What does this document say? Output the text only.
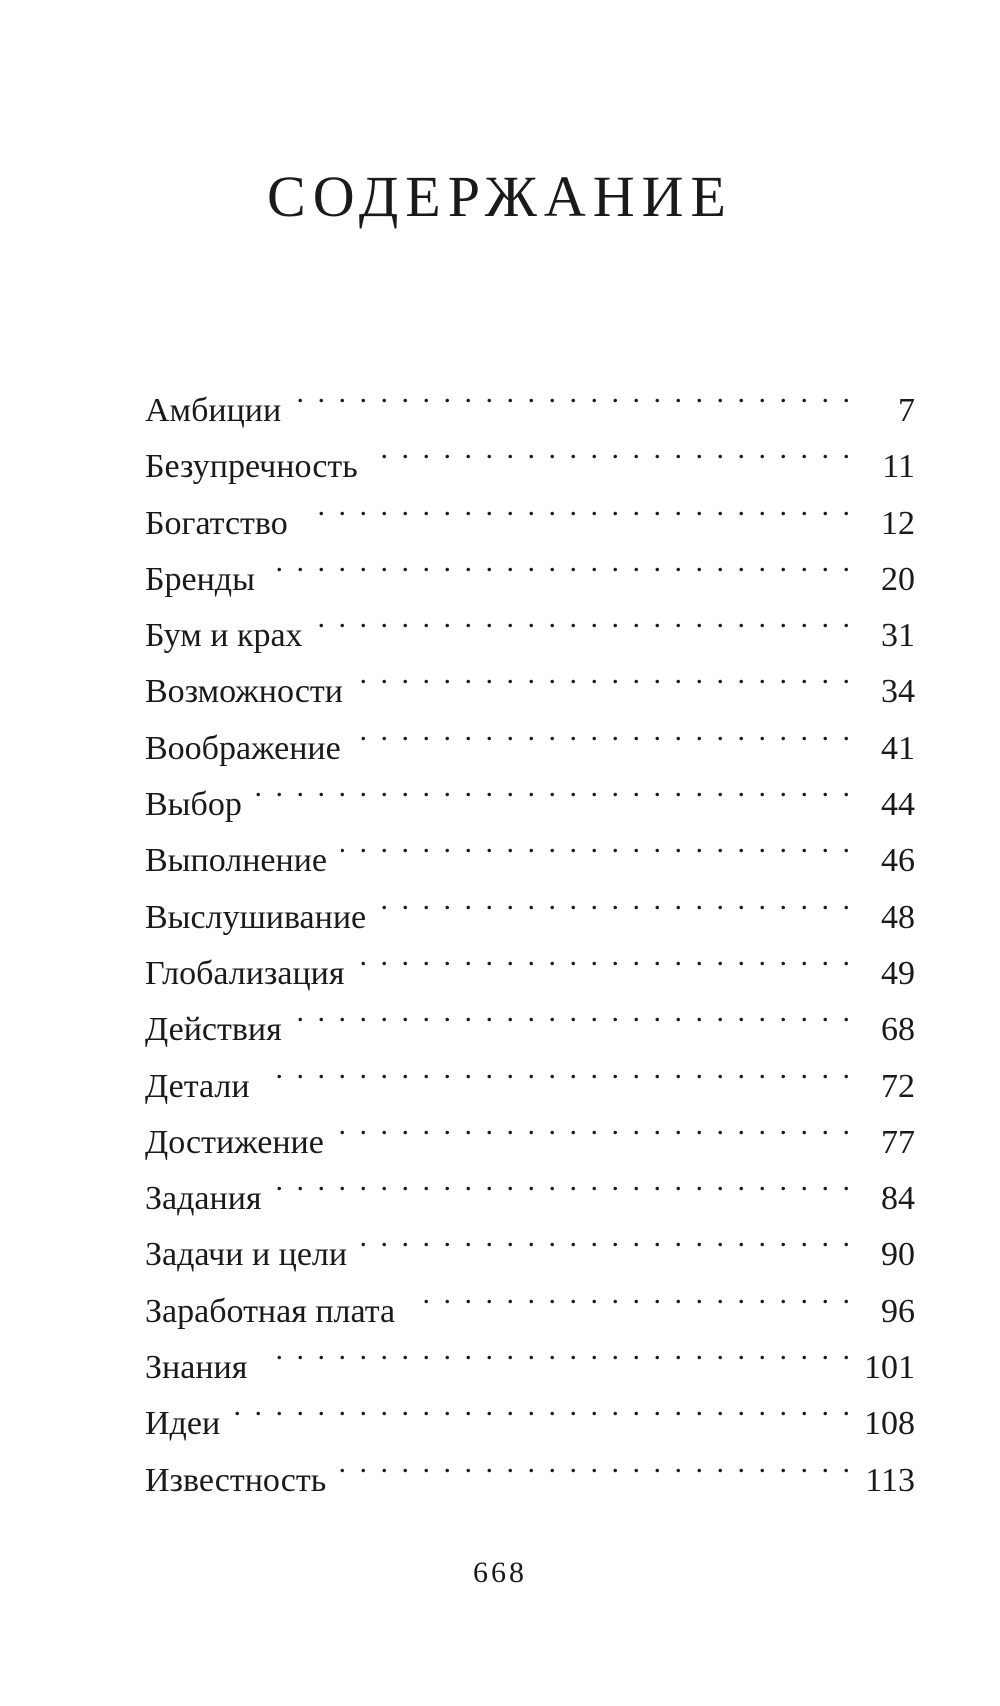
СОДЕРЖАНИЕ
Амбиции . . .	7
Безупречность . . .	11
Богатство . . .	12
Бренды . . .	20
Бум и крах . . .	31
Возможности . . .	34
Воображение . . .	41
Выбор . . .	44
Выполнение . . .	46
Выслушивание . . .	48
Глобализация . . .	49
Действия . . .	68
Детали . . .	72
Достижение . . .	77
Задания . . .	84
Задачи и цели . . .	90
Заработная плата . . .	96
Знания . . .	101
Идеи . . .	108
Известность . . .	113
668
